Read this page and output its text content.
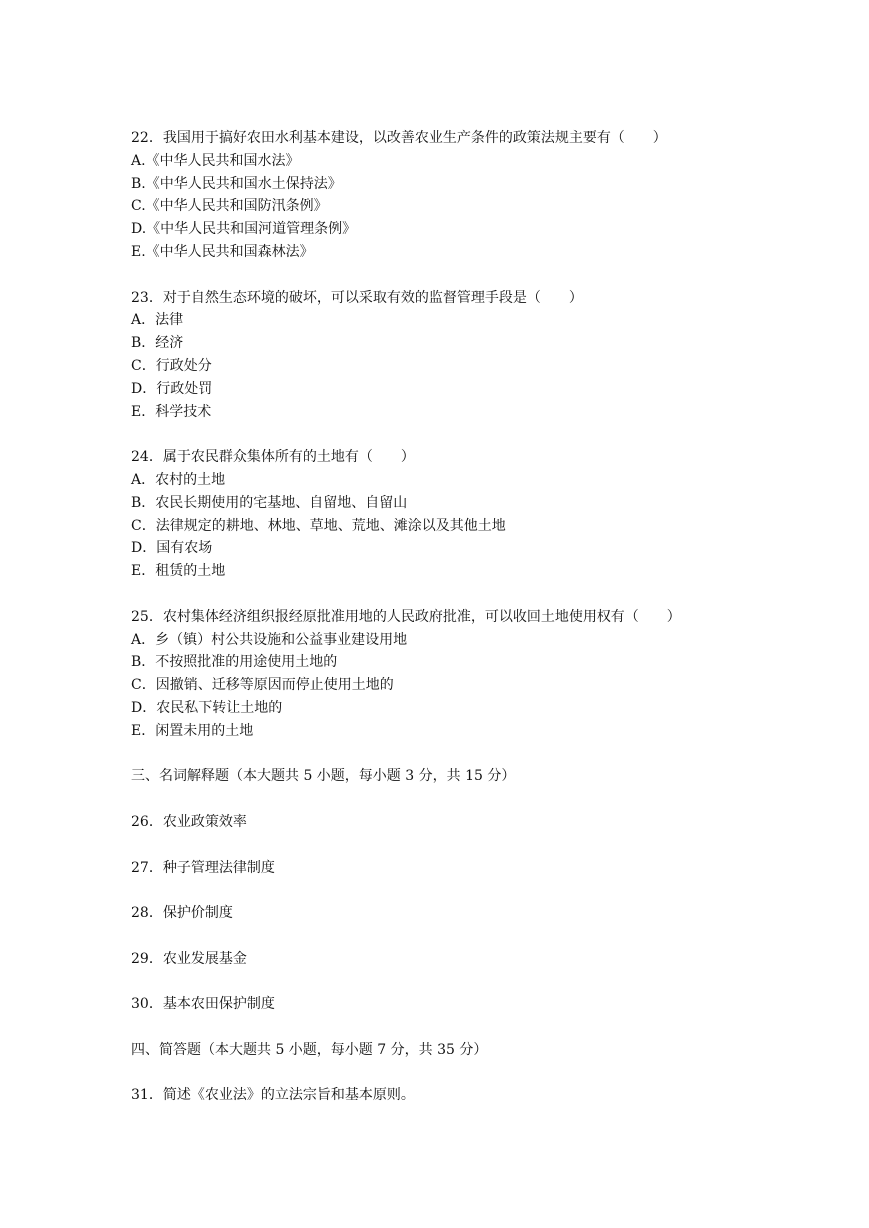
22．我国用于搞好农田水利基本建设，以改善农业生产条件的政策法规主要有（　　）
A.《中华人民共和国水法》
B.《中华人民共和国水土保持法》
C.《中华人民共和国防汛条例》
D.《中华人民共和国河道管理条例》
E.《中华人民共和国森林法》
23．对于自然生态环境的破坏，可以采取有效的监督管理手段是（　　）
A．法律
B．经济
C．行政处分
D．行政处罚
E．科学技术
24．属于农民群众集体所有的土地有（　　）
A．农村的土地
B．农民长期使用的宅基地、自留地、自留山
C．法律规定的耕地、林地、草地、荒地、滩涂以及其他土地
D．国有农场
E．租赁的土地
25．农村集体经济组织报经原批准用地的人民政府批准，可以收回土地使用权有（　　）
A．乡（镇）村公共设施和公益事业建设用地
B．不按照批准的用途使用土地的
C．因撤销、迁移等原因而停止使用土地的
D．农民私下转让土地的
E．闲置未用的土地
三、名词解释题（本大题共 5 小题，每小题 3 分，共 15 分）
26．农业政策效率
27．种子管理法律制度
28．保护价制度
29．农业发展基金
30．基本农田保护制度
四、简答题（本大题共 5 小题，每小题 7 分，共 35 分）
31．简述《农业法》的立法宗旨和基本原则。
